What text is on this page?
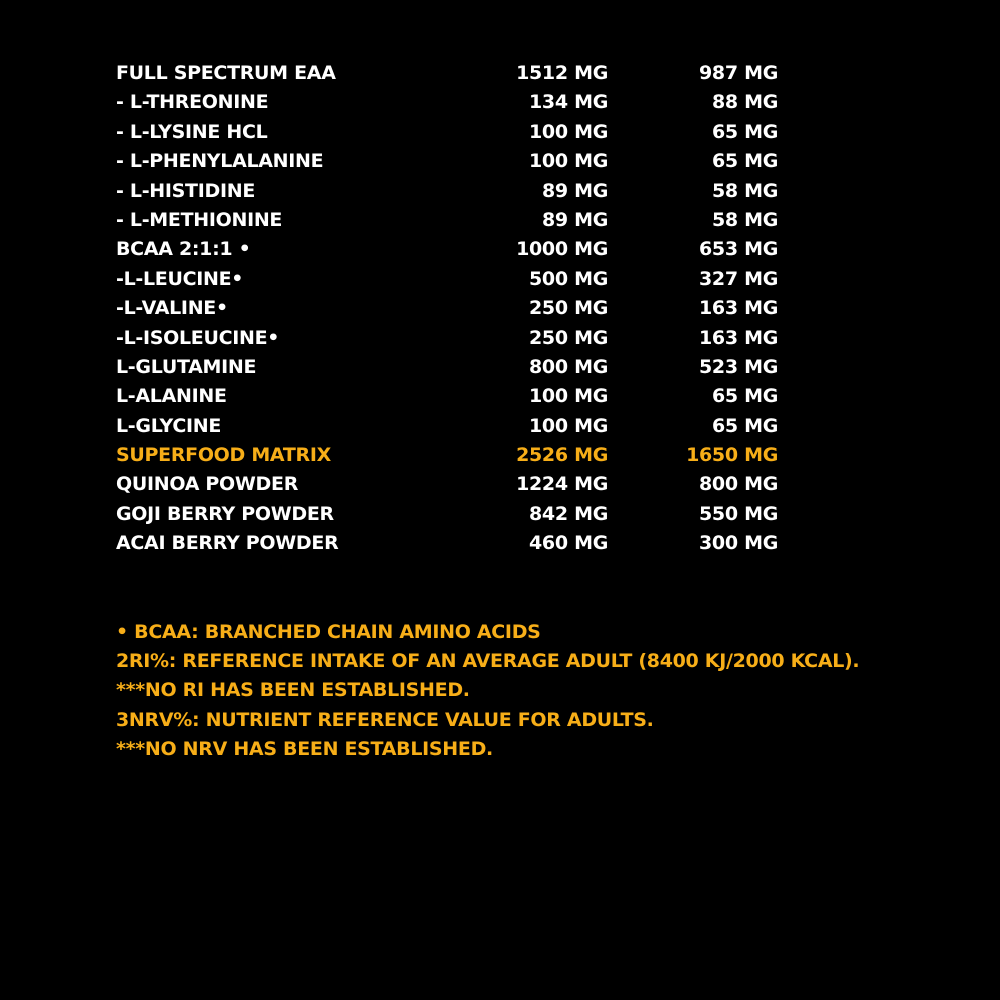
FULL SPECTRUM EAA	1512 MG	987 MG
- L-THREONINE	134 MG	88 MG
- L-LYSINE HCL	100 MG	65 MG
- L-PHENYLALANINE	100 MG	65 MG
- L-HISTIDINE	89 MG	58 MG
- L-METHIONINE	89 MG	58 MG
BCAA 2:1:1 •	1000 MG	653 MG
-L-LEUCINE•	500 MG	327 MG
-L-VALINE•	250 MG	163 MG
-L-ISOLEUCINE•	250 MG	163 MG
L-GLUTAMINE	800 MG	523 MG
L-ALANINE	100 MG	65 MG
L-GLYCINE	100 MG	65 MG
SUPERFOOD MATRIX	2526 MG	1650 MG
QUINOA POWDER	1224 MG	800 MG
GOJI BERRY POWDER	842 MG	550 MG
ACAI BERRY POWDER	460 MG	300 MG
• BCAA: BRANCHED CHAIN AMINO ACIDS
2RI%: REFERENCE INTAKE OF AN AVERAGE ADULT (8400 KJ/2000 KCAL).
***NO RI HAS BEEN ESTABLISHED.
3NRV%: NUTRIENT REFERENCE VALUE FOR ADULTS.
***NO NRV HAS BEEN ESTABLISHED.
